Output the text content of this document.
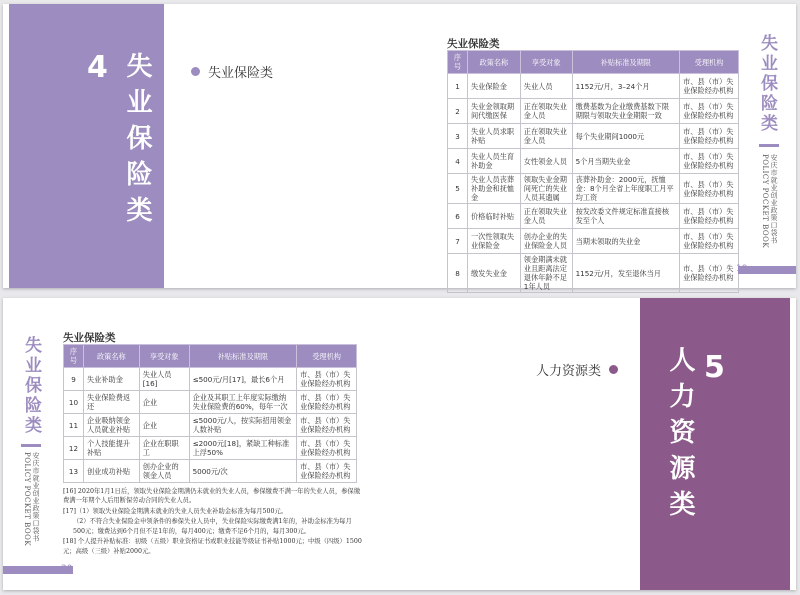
4 失业保险类	失业保险类
失业保险类
序号	政策名称	享受对象	补贴标准及期限	受理机构
1	失业保险金	失业人员	1152元/月，3–24个月	市、县（市）失业保险经办机构
2	失业金领取期间代缴医保	正在领取失业金人员	缴费基数为企业缴费基数下限期限与领取失业金期限一致	市、县（市）失业保险经办机构
3	失业人员求职补贴	正在领取失业金人员	每个失业期间1000元	市、县（市）失业保险经办机构
4	失业人员生育补助金	女性领金人员	5个月当期失业金	市、县（市）失业保险经办机构
5	失业人员丧葬补助金和抚恤金	领取失业金期间死亡的失业人员其遗属	丧葬补助金：2000元，抚恤金：8个月全省上年度职工月平均工资	市、县（市）失业保险经办机构
6	价格临时补贴	正在领取失业金人员	按发改委文件规定标准直接核发至个人	市、县（市）失业保险经办机构
7	一次性领取失业保险金	创办企业的失业保险金人员	当期未领取的失业金	市、县（市）失业保险经办机构
8	缴发失业金	领金期满未就业且距离法定退休年龄不足1年人员	1152元/月，发至退休当月	市、县（市）失业保险经办机构
失业保险类
安庆市就业创业政策口袋书 POLICY POCKET BOOK
19
失业保险类
安庆市就业创业政策口袋书 POLICY POCKET BOOK
失业保险类
序号	政策名称	享受对象	补贴标准及期限	受理机构
9	失业补助金	失业人员[16]	≤500元/月[17]，最长6个月	市、县（市）失业保险经办机构
10	失业保险费返还	企业	企业及其职工上年度实际缴纳失业保险费的60%，每年一次	市、县（市）失业保险经办机构
11	企业吸纳领金人员就业补贴	企业	≤5000元/人，按实际招用领金人数补贴	市、县（市）失业保险经办机构
12	个人技能提升补贴	企业在职职工	≤2000元[18]，紧缺工种标准上浮50%	市、县（市）失业保险经办机构
13	创业成功补贴	创办企业的领金人员	5000元/次	市、县（市）失业保险经办机构

[16] 2020年1月1日后，领取失业保险金期满仍未就业的失业人员，参保缴费不满一年的失业人员，参保缴费满一年期个人后用断保劳动合同的失业人员。

[17]（1）领取失业保险金期满未就业的失业人员失业补助金标准为每月500元。

（2）不符合失业保险金申领条件的参保失业人员中，失业保险实际缴费满1年的，补助金标准为每月500元；缴费达到6个月但不足1年的，每月400元；缴费不足6个月的，每月300元。

[18] 个人提升补贴标准：初级（五级）职业资格证书或职业技能等级证书补贴1000元；中级（四级）1500元；高级（三级）补贴2000元。

20
人力资源类	5
人力资源类
